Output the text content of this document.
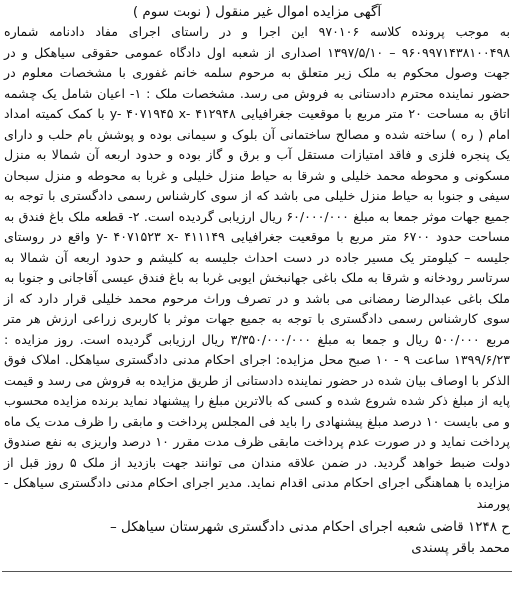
آگهی مزایده اموال غیر منقول ( نوبت سوم )

به موجب پرونده کلاسه ۹۷۰۱۰۶ این اجرا و در راستای اجرای مفاد دادنامه شماره ۹۶۰۹۹۷۱۴۳۸۱۰۰۴۹۸ – ۱۳۹۷/۵/۱۰ اصداری از شعبه اول دادگاه عمومی حقوقی سیاهکل و در جهت وصول محکوم به ملک زیر متعلق به مرحوم سلمه خانم غفوری با مشخصات معلوم در حضور نماینده محترم دادستانی به فروش می رسد. مشخصات ملک : ۱- اعیان شامل یک چشمه اتاق به مساحت ۲۰ متر مربع با موقعیت جغرافیایی y- ۴۰۷۱۹۴۵ x- ۴۱۲۹۴۸ با کمک کمیته امداد امام ( ره ) ساخته شده و مصالح ساختمانی آن بلوک و سیمانی بوده و پوشش بام حلب و دارای یک پنجره فلزی و فاقد امتیازات مستقل آب و برق و گاز بوده و حدود اربعه آن شمالا به منزل مسکونی و محوطه محمد خلیلی و شرقا به حیاط منزل خلیلی و غربا به محوطه و منزل سبحان سیفی و جنوبا به حیاط منزل خلیلی می باشد که از سوی کارشناس رسمی دادگستری با توجه به جمیع جهات موثر جمعا به مبلغ ۶۰/۰۰۰/۰۰۰ ریال ارزیابی گردیده است. ۲- قطعه ملک باغ فندق به مساحت حدود ۶۷۰۰ متر مربع با موقعیت جغرافیایی y- ۴۰۷۱۵۲۳ x- ۴۱۱۱۴۹ واقع در روستای جلیسه – کیلومتر یک مسیر جاده در دست احداث جلیسه به کلیشم و حدود اربعه آن شمالا به سرتاسر رودخانه و شرقا به ملک باغی جهانبخش ایوبی غربا به باغ فندق عیسی آقاجانی و جنوبا به ملک باغی عبدالرضا رمضانی می باشد و در تصرف وراث مرحوم محمد خلیلی قرار دارد که از سوی کارشناس رسمی دادگستری با توجه به جمیع جهات موثر با کاربری زراعی ارزش هر متر مربع ۵۰۰/۰۰۰ ریال و جمعا به مبلغ ۳/۳۵۰/۰۰۰/۰۰۰ ریال ارزیابی گردیده است. روز مزایده : ۱۳۹۹/۶/۲۳ ساعت ۹ - ۱۰ صبح محل مزایده: اجرای احکام مدنی دادگستری سیاهکل. املاک فوق الذکر با اوصاف بیان شده در حضور نماینده دادستانی از طریق مزایده به فروش می رسد و قیمت پایه از مبلغ ذکر شده شروع شده و کسی که بالاترین مبلغ را پیشنهاد نماید برنده مزایده محسوب و می بایست ۱۰ درصد مبلغ پیشنهادی را باید فی المجلس پرداخت و مابقی را ظرف مدت یک ماه پرداخت نماید و در صورت عدم پرداخت مابقی ظرف مدت مقرر ۱۰ درصد واریزی به نفع صندوق دولت ضبط خواهد گردید. در ضمن علاقه مندان می توانند جهت بازدید از ملک ۵ روز قبل از مزایده با هماهنگی اجرای احکام مدنی اقدام نماید. مدیر اجرای احکام مدنی دادگستری سیاهکل - پورمند

ح ۱۲۴۸ قاضی شعبه اجرای احکام مدنی دادگستری شهرستان سیاهکل –
محمد باقر پسندی
